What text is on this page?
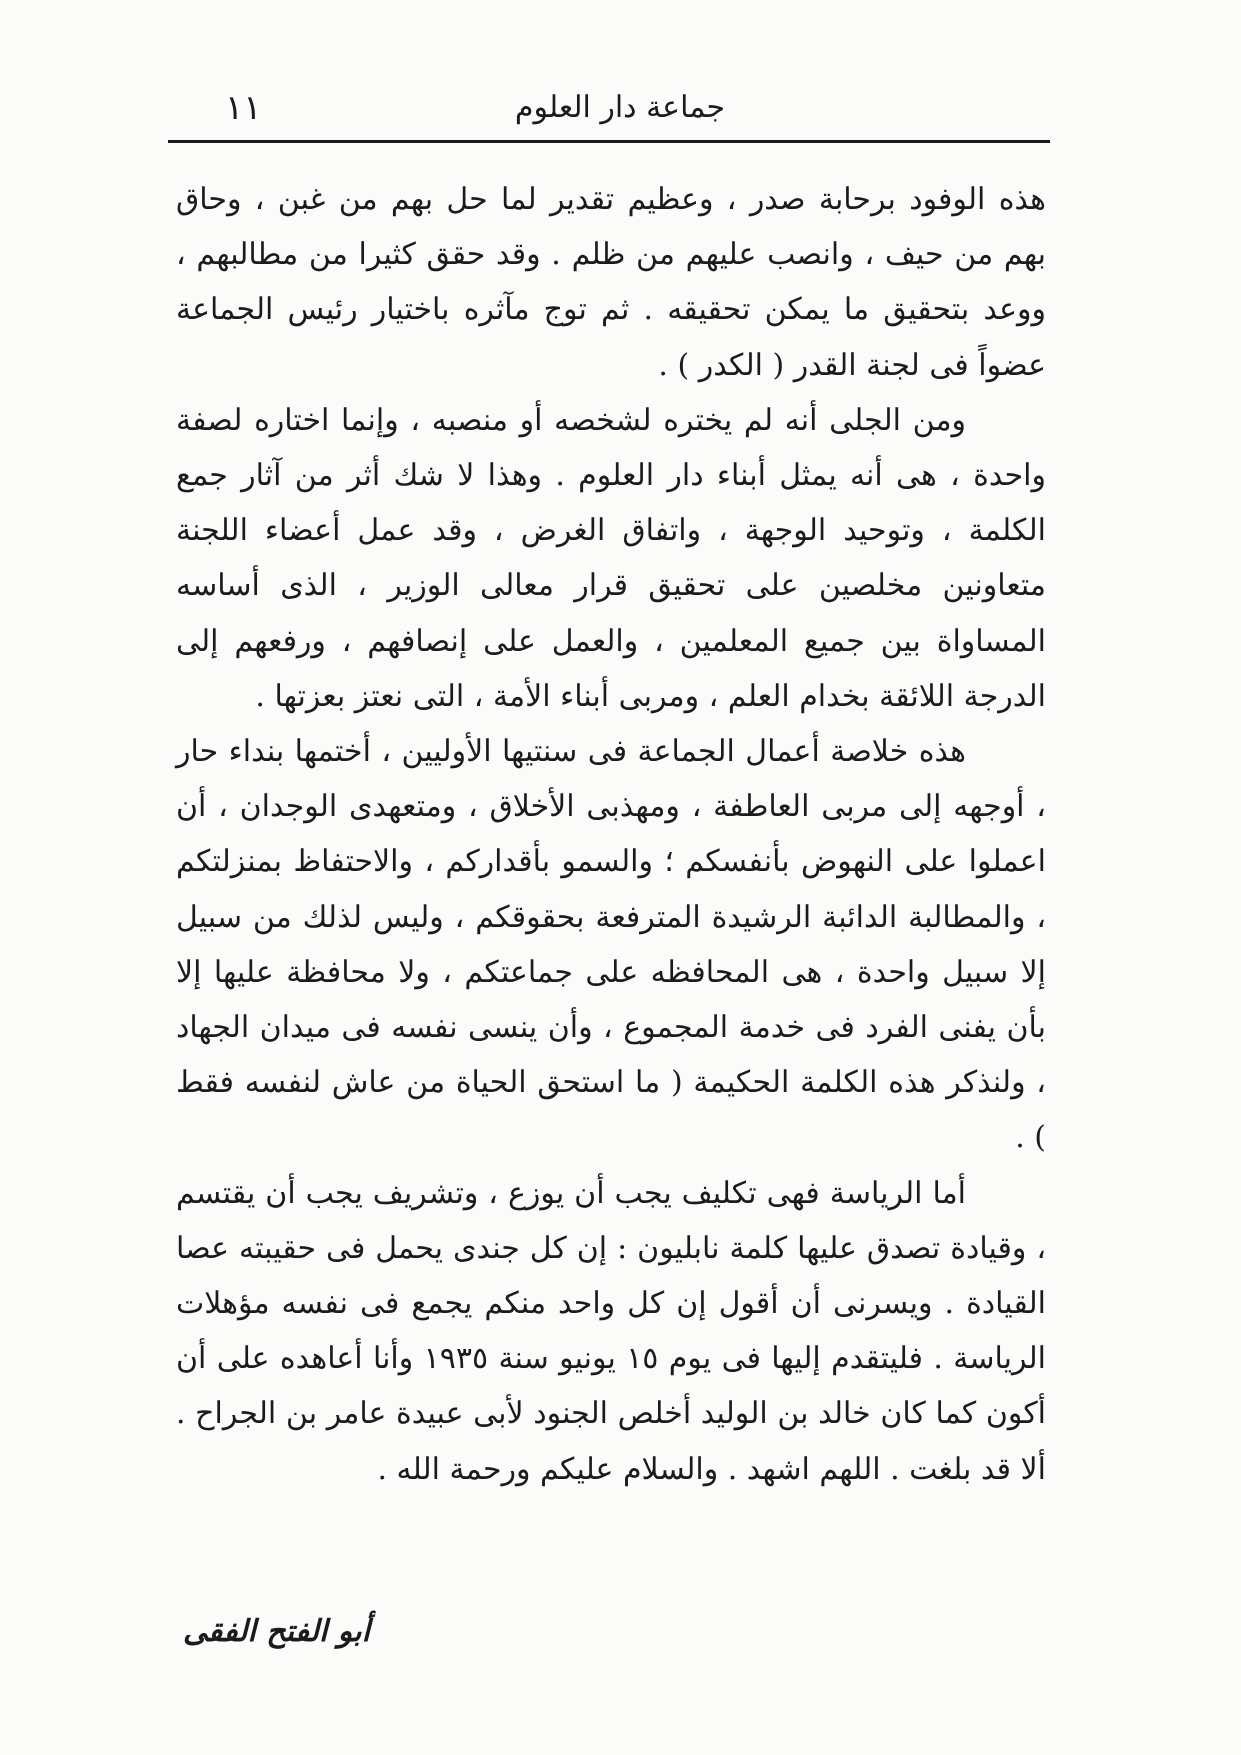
١١	جماعة دار العلوم

هذه الوفود برحابة صدر ، وعظيم تقدير لما حل بهم من غبن ، وحاق بهم من حيف ، وانصب عليهم من ظلم . وقد حقق كثيرا من مطالبهم ، ووعد بتحقيق ما يمكن تحقيقه . ثم توج مآثره باختيار رئيس الجماعة عضواً فى لجنة القدر ( الكدر ) .

ومن الجلى أنه لم يختره لشخصه أو منصبه ، وإنما اختاره لصفة واحدة ، هى أنه يمثل أبناء دار العلوم . وهذا لا شك أثر من آثار جمع الكلمة ، وتوحيد الوجهة ، واتفاق الغرض ، وقد عمل أعضاء اللجنة متعاونين مخلصين على تحقيق قرار معالى الوزير ، الذى أساسه المساواة بين جميع المعلمين ، والعمل على إنصافهم ، ورفعهم إلى الدرجة اللائقة بخدام العلم ، ومربى أبناء الأمة ، التى نعتز بعزتها .

هذه خلاصة أعمال الجماعة فى سنتيها الأوليين ، أختمها بنداء حار ، أوجهه إلى مربى العاطفة ، ومهذبى الأخلاق ، ومتعهدى الوجدان ، أن اعملوا على النهوض بأنفسكم ؛ والسمو بأقداركم ، والاحتفاظ بمنزلتكم ، والمطالبة الدائبة الرشيدة المترفعة بحقوقكم ، وليس لذلك من سبيل إلا سبيل واحدة ، هى المحافظه على جماعتكم ، ولا محافظة عليها إلا بأن يفنى الفرد فى خدمة المجموع ، وأن ينسى نفسه فى ميدان الجهاد ، ولنذكر هذه الكلمة الحكيمة ( ما استحق الحياة من عاش لنفسه فقط ) .

أما الرياسة فهى تكليف يجب أن يوزع ، وتشريف يجب أن يقتسم ، وقيادة تصدق عليها كلمة نابليون : إن كل جندى يحمل فى حقيبته عصا القيادة . ويسرنى أن أقول إن كل واحد منكم يجمع فى نفسه مؤهلات الرياسة . فليتقدم إليها فى يوم ١٥ يونيو سنة ١٩٣٥ وأنا أعاهده على أن أكون كما كان خالد بن الوليد أخلص الجنود لأبى عبيدة عامر بن الجراح . ألا قد بلغت . اللهم اشهد . والسلام عليكم ورحمة الله .

أبو الفتح الفقى
